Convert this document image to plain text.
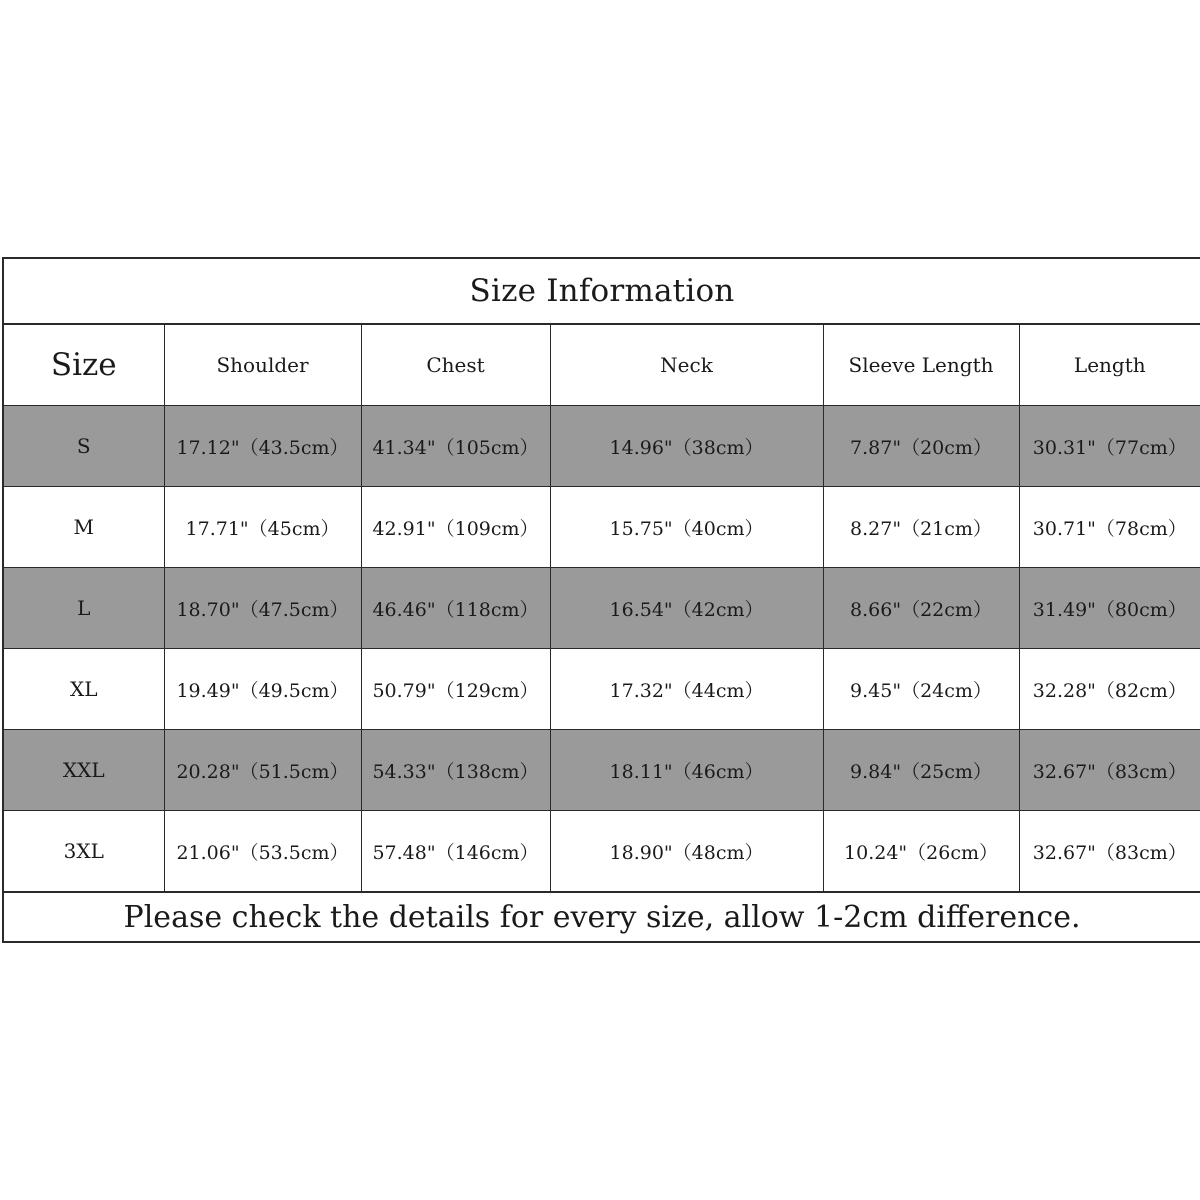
Size Information					
Size	Shoulder	Chest	Neck	Sleeve Length	Length
S	17.12"（43.5cm）	41.34"（105cm）	14.96"（38cm）	7.87"（20cm）	30.31"（77cm）
M	17.71"（45cm）	42.91"（109cm）	15.75"（40cm）	8.27"（21cm）	30.71"（78cm）
L	18.70"（47.5cm）	46.46"（118cm）	16.54"（42cm）	8.66"（22cm）	31.49"（80cm）
XL	19.49"（49.5cm）	50.79"（129cm）	17.32"（44cm）	9.45"（24cm）	32.28"（82cm）
XXL	20.28"（51.5cm）	54.33"（138cm）	18.11"（46cm）	9.84"（25cm）	32.67"（83cm）
3XL	21.06"（53.5cm）	57.48"（146cm）	18.90"（48cm）	10.24"（26cm）	32.67"（83cm）
Please check the details for every size, allow 1-2cm difference.					
